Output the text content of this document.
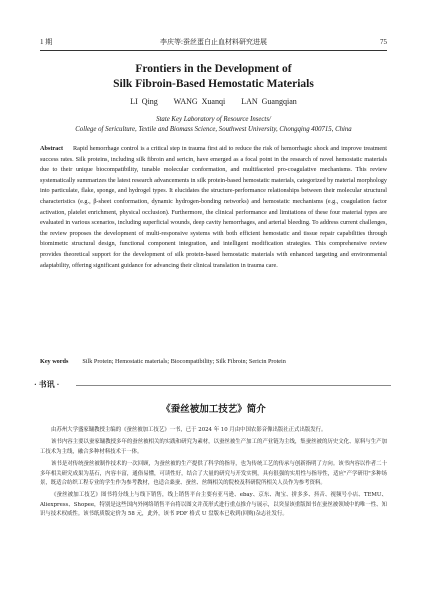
1 期	李庆等:蚕丝蛋白止血材料研究进展	75
Frontiers in the Development of
Silk Fibroin-Based Hemostatic Materials
LI Qing    WANG Xuanqi    LAN Guangqian
State Key Laboratory of Resource Insects/
College of Sericulture, Textile and Biomass Science, Southwest University, Chongqing 400715, China
Abstract Rapid hemorrhage control is a critical step in trauma first aid to reduce the risk of hemorrhagic shock and improve treatment success rates. Silk proteins, including silk fibroin and sericin, have emerged as a focal point in the research of novel hemostatic materials due to their unique biocompatibility, tunable molecular conformation, and multifaceted pro-coagulative mechanisms. This review systematically summarizes the latest research advancements in silk protein-based hemostatic materials, categorized by material morphology into particulate, flake, sponge, and hydrogel types. It elucidates the structure-performance relationships between their molecular structural characteristics (e.g., β-sheet conformation, dynamic hydrogen-bonding networks) and hemostatic mechanisms (e.g., coagulation factor activation, platelet enrichment, physical occlusion). Furthermore, the clinical performance and limitations of these four material types are evaluated in various scenarios, including superficial wounds, deep cavity hemorrhages, and arterial bleeding. To address current challenges, the review proposes the development of multi-responsive systems with both efficient hemostatic and tissue repair capabilities through biomimetic structural design, functional component integration, and intelligent modification strategies. This comprehensive review provides theoretical support for the development of silk protein-based hemostatic materials with enhanced targeting and environmental adaptability, offering significant guidance for advancing their clinical translation in trauma care.
Key words Silk Protein; Hemostatic materials; Biocompatibility; Silk Fibroin; Sericin Protein
· 书讯 ·
《蚕丝被加工技艺》简介

由苏州大学盛家镛教授主编的《蚕丝被加工技艺》一书，已于 2024 年 10 月由中国农影音像出版社正式出版发行。

该书内容主要以蚕家镛教授多年的蚕丝被相关的实践和研究为素材，以蚕丝被生产加工的产业链为主线，集蚕丝被的历史文化、原料与生产加工技术为主线，融合多种材料技术于一体。

该书是对传统蚕丝被制作技术的一次回顾，为蚕丝被的生产提供了科学的指导，也为传统工艺的传承与创新指明了方向。该书内容以作者二十多年相关研究成果为基石，内容丰富，通俗易懂，可读性好，结合了大量的研究与开发实例，具有很强的实用性与指导性，适应"产学研用"多种场景，既适合纺织工程专业的学生作为参考教材，也适合桑蚕、蚕丝、丝绸相关的院校及科研院所相关人员作为参考资料。

《蚕丝被加工技艺》图书将分线上与线下销售，线上销售平台主要有亚马逊、ebay、京东、淘宝、拼多多、抖音、视频号小店、TEMU、Aliexpress、Shopee，特别是这些国内外网络销售平台将以图文并茂形式进行重点推介与展示，以突显该重版图书在蚕丝被领域中的唯一性、知识与技术权威性。该书纸质版定价为 58 元，此外，该书 PDF 格式 U 盘版本已收到(回购)杂志社发行。
